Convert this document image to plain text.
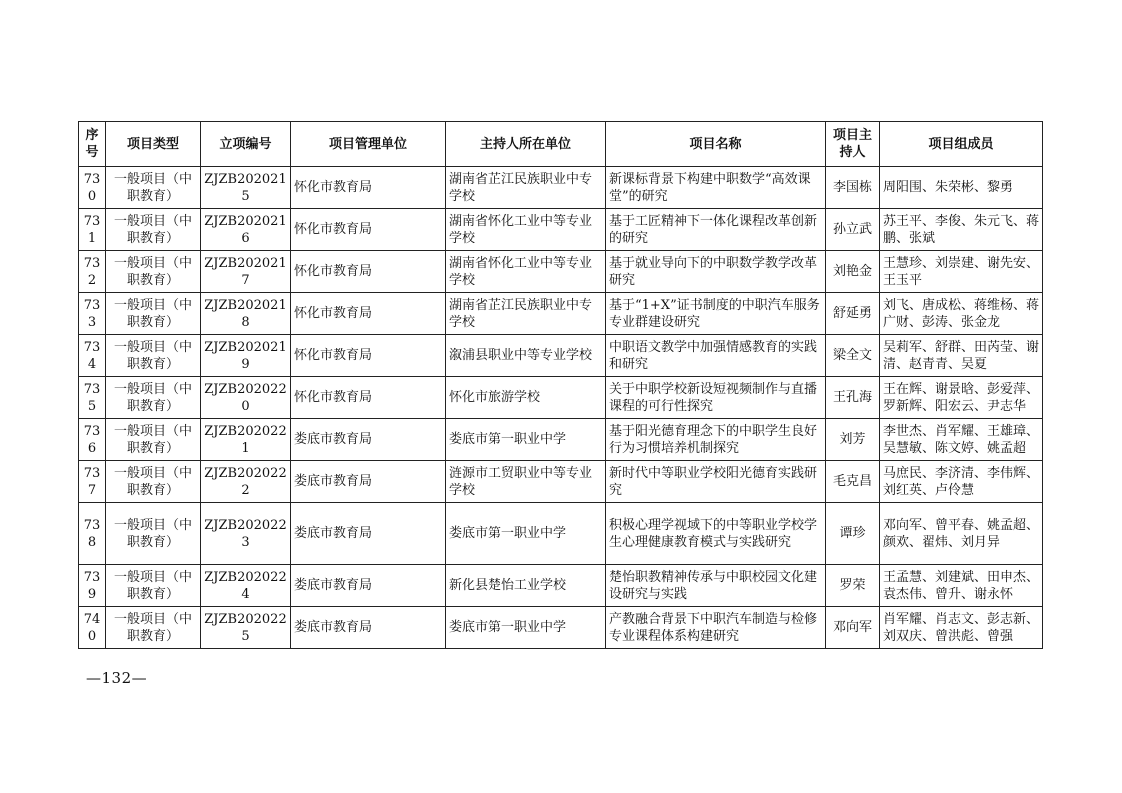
序号	项目类型	立项编号	项目管理单位	主持人所在单位	项目名称	项目主持人	项目组成员
730	一般项目（中职教育）	ZJZB2020215	怀化市教育局	湖南省芷江民族职业中专学校	新课标背景下构建中职数学“高效课堂”的研究	李国栋	周阳围、朱荣彬、黎勇
731	一般项目（中职教育）	ZJZB2020216	怀化市教育局	湖南省怀化工业中等专业学校	基于工匠精神下一体化课程改革创新的研究	孙立武	苏王平、李俊、朱元飞、蒋鹏、张斌
732	一般项目（中职教育）	ZJZB2020217	怀化市教育局	湖南省怀化工业中等专业学校	基于就业导向下的中职数学教学改革研究	刘艳金	王慧珍、刘崇建、谢先安、王玉平
733	一般项目（中职教育）	ZJZB2020218	怀化市教育局	湖南省芷江民族职业中专学校	基于“1+X”证书制度的中职汽车服务专业群建设研究	舒延勇	刘飞、唐成松、蒋维杨、蒋广财、彭涛、张金龙
734	一般项目（中职教育）	ZJZB2020219	怀化市教育局	溆浦县职业中等专业学校	中职语文教学中加强情感教育的实践和研究	梁全文	吴莉军、舒群、田芮莹、谢清、赵青青、吴夏
735	一般项目（中职教育）	ZJZB2020220	怀化市教育局	怀化市旅游学校	关于中职学校新设短视频制作与直播课程的可行性探究	王孔海	王在辉、谢景晗、彭爱萍、罗新辉、阳宏云、尹志华
736	一般项目（中职教育）	ZJZB2020221	娄底市教育局	娄底市第一职业中学	基于阳光德育理念下的中职学生良好行为习惯培养机制探究	刘芳	李世杰、肖军耀、王雄璋、吴慧敏、陈文婷、姚孟超
737	一般项目（中职教育）	ZJZB2020222	娄底市教育局	涟源市工贸职业中等专业学校	新时代中等职业学校阳光德育实践研究	毛克昌	马庶民、李济清、李伟辉、刘红英、卢伶慧
738	一般项目（中职教育）	ZJZB2020223	娄底市教育局	娄底市第一职业中学	积极心理学视域下的中等职业学校学生心理健康教育模式与实践研究	谭珍	邓向军、曾平春、姚孟超、颜欢、翟炜、刘月异
739	一般项目（中职教育）	ZJZB2020224	娄底市教育局	新化县楚怡工业学校	楚怡职教精神传承与中职校园文化建设研究与实践	罗荣	王孟慧、刘建斌、田申杰、袁杰伟、曾升、谢永怀
740	一般项目（中职教育）	ZJZB2020225	娄底市教育局	娄底市第一职业中学	产教融合背景下中职汽车制造与检修专业课程体系构建研究	邓向军	肖军耀、肖志文、彭志新、刘双庆、曾洪彪、曾强
—132—
